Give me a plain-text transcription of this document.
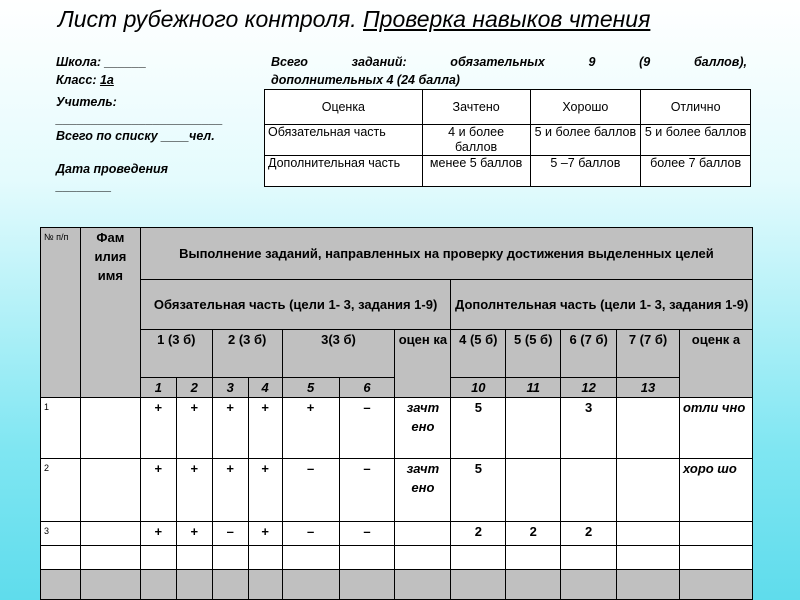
Лист рубежного контроля. Проверка навыков чтения
Школа: ______
Класс: 1а
Всего заданий: обязательных 9 (9 баллов),
дополнительных 4 (24 балла)
Учитель:
________________________
Всего по списку ____чел.
Дата проведения
________
Оценка	Зачтено	Хорошо	Отлично
Обязательная часть	4 и более баллов	5 и более баллов	5 и более баллов
Дополнительная часть	менее 5 баллов	5 –7 баллов	более 7 баллов
№ п/п	Фам илия имя	Выполнение заданий, направленных на проверку достижения выделенных целей											
		Обязательная часть (цели 1- 3, задания 1-9)							Дополнтельная часть (цели 1- 3, задания 1-9)				
		1 (3 б)		2 (3 б)		3(3 б)		оцен ка	4 (5 б)	5 (5 б)	6 (7 б)	7 (7 б)	оценк а
		1	2	3	4	5	6		10	11	12	13	
1		+	+	+	+	+	–	зачт ено	5		3		отли чно
2		+	+	+	+	–	–	зачт ено	5				хоро шо
3		+	+	–	+	–	–		2	2	2		
